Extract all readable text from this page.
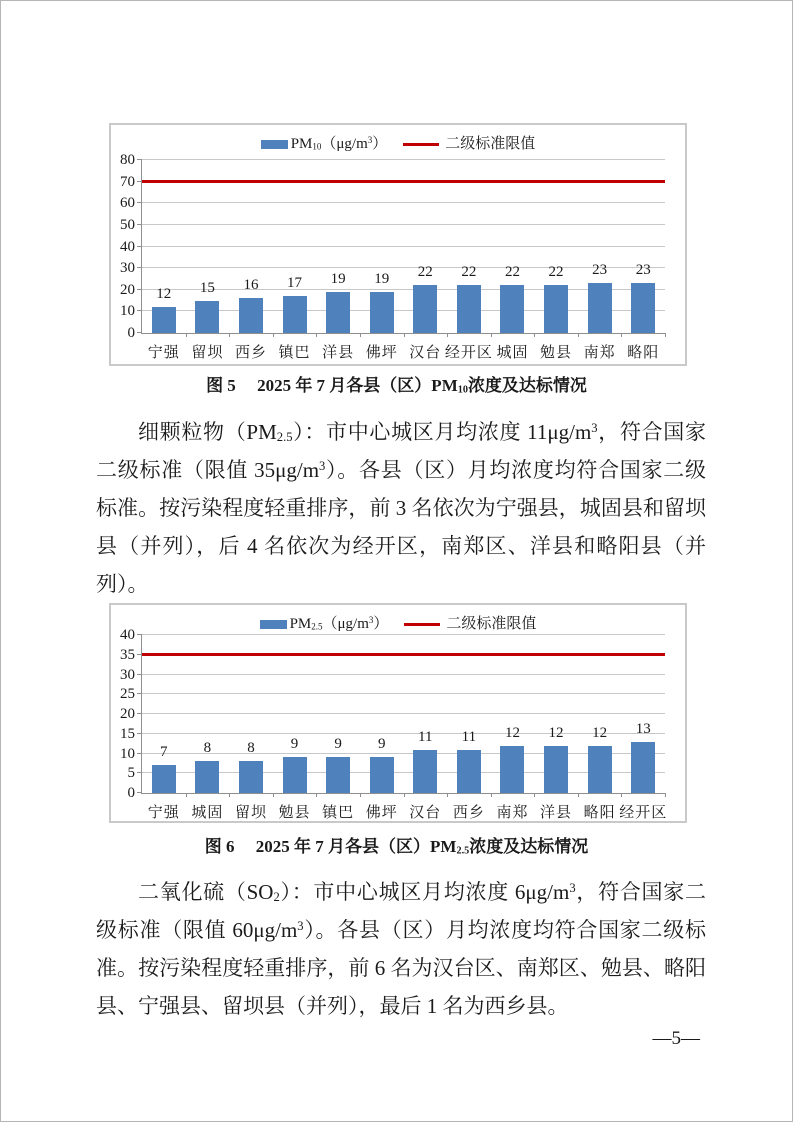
$PM_{10}(\mu g/m^3)$	二级标准限值
0
10
20
30
40
50
60
70
80
12
宁强
15
留坝
16
西乡
17
镇巴
19
洋县
19
佛坪
22
汉台
22
经开区
22
城固
22
勉县
23
南郑
23
略阳
图 5　 2025 年 7 月各县（区）$PM_{10}$浓度及达标情况

细颗粒物$(PM_{2.5})$：市中心城区月均浓度 $11\mu g/m^3$，符合国家二级标准（限值 $35\mu g/m^3$）。各县（区）月均浓度均符合国家二级标准。按污染程度轻重排序，前 3 名依次为宁强县，城固县和留坝县（并列），后 4 名依次为经开区，南郑区、洋县和略阳县（并列）。

$PM_{2.5}(\mu g/m^3)$	二级标准限值
0
5
10
15
20
25
30
35
40
7
宁强
8
城固
8
留坝
9
勉县
9
镇巴
9
佛坪
11
汉台
11
西乡
12
南郑
12
洋县
12
略阳
13
经开区
图 6　 2025 年 7 月各县（区）$PM_{2.5}$浓度及达标情况

二氧化硫$(SO_2)$：市中心城区月均浓度 $6\mu g/m^3$，符合国家二级标准（限值 $60\mu g/m^3$）。各县（区）月均浓度均符合国家二级标准。按污染程度轻重排序，前 6 名为汉台区、南郑区、勉县、略阳县、宁强县、留坝县（并列），最后 1 名为西乡县。

—5—
